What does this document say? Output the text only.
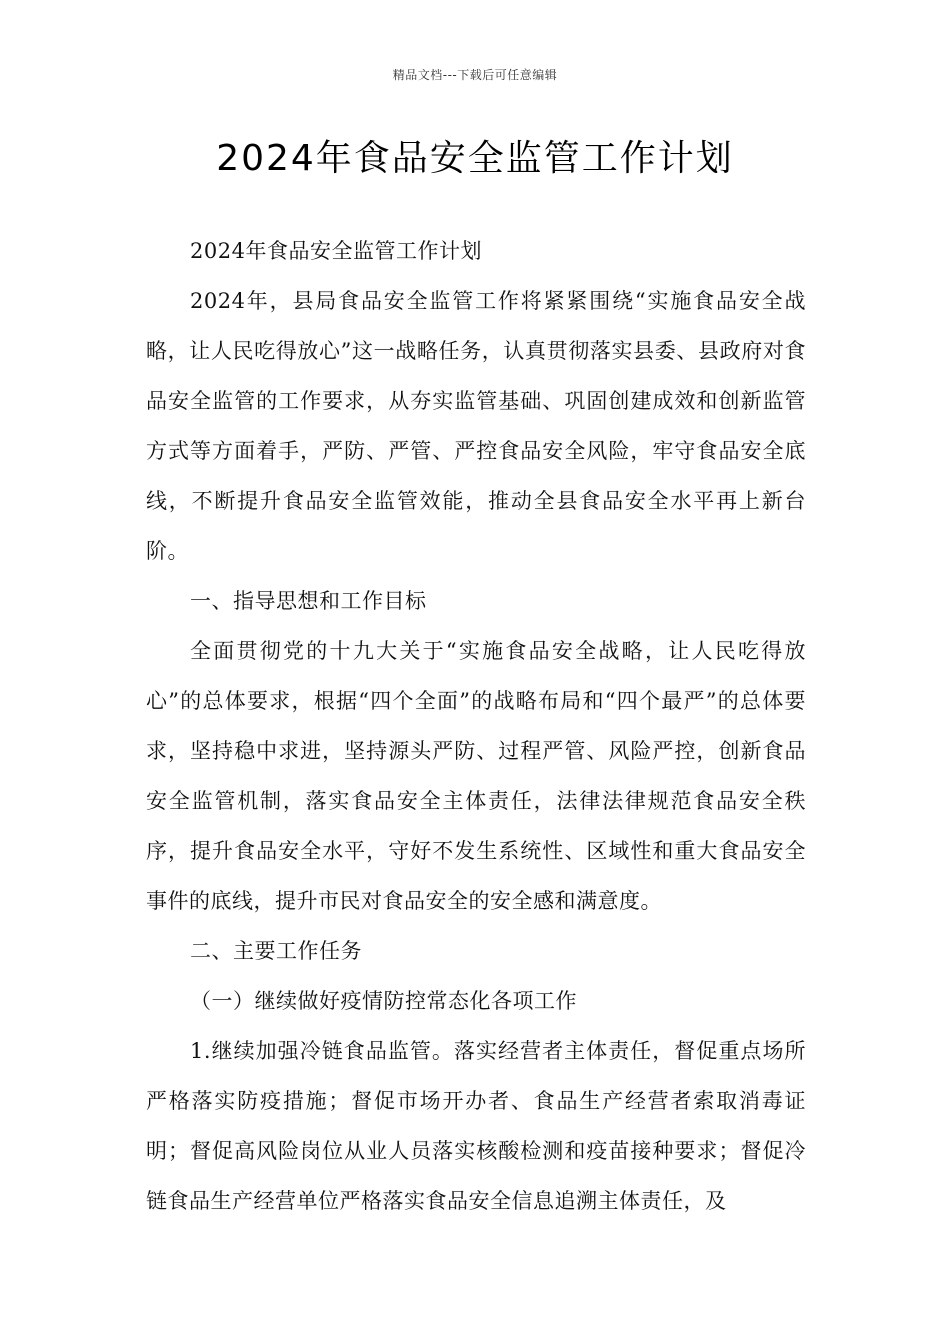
精品文档---下载后可任意编辑
2024年食品安全监管工作计划

2024年食品安全监管工作计划

2024年，县局食品安全监管工作将紧紧围绕“实施食品安全战略，让人民吃得放心”这一战略任务，认真贯彻落实县委、县政府对食品安全监管的工作要求，从夯实监管基础、巩固创建成效和创新监管方式等方面着手，严防、严管、严控食品安全风险，牢守食品安全底线，不断提升食品安全监管效能，推动全县食品安全水平再上新台阶。

一、指导思想和工作目标

全面贯彻党的十九大关于“实施食品安全战略，让人民吃得放心”的总体要求，根据“四个全面”的战略布局和“四个最严”的总体要求，坚持稳中求进，坚持源头严防、过程严管、风险严控，创新食品安全监管机制，落实食品安全主体责任，法律法律规范食品安全秩序，提升食品安全水平，守好不发生系统性、区域性和重大食品安全事件的底线，提升市民对食品安全的安全感和满意度。

二、主要工作任务

（一）继续做好疫情防控常态化各项工作

1.继续加强冷链食品监管。落实经营者主体责任，督促重点场所严格落实防疫措施；督促市场开办者、食品生产经营者索取消毒证明；督促高风险岗位从业人员落实核酸检测和疫苗接种要求；督促冷链食品生产经营单位严格落实食品安全信息追溯主体责任，及
